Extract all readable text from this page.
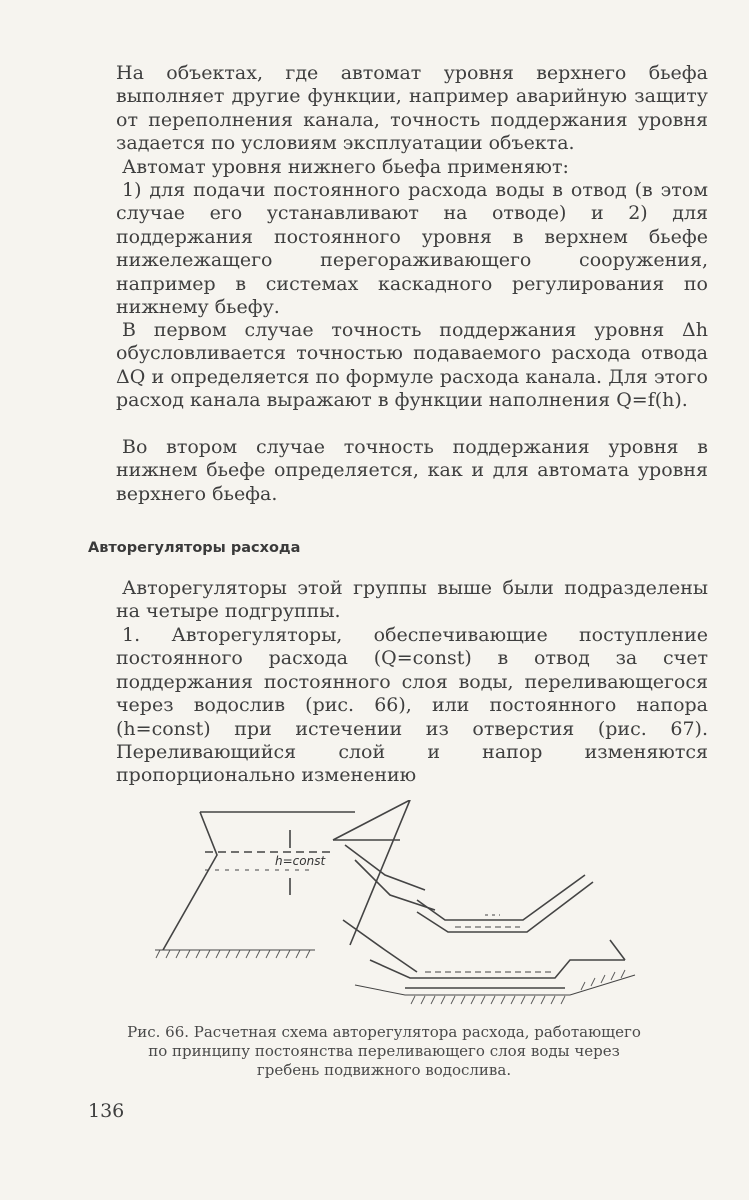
На объектах, где автомат уровня верхнего бьефа выполняет другие функции, например аварийную защиту от переполнения канала, точность поддержания уровня задается по условиям эксплуатации объекта.

Автомат уровня нижнего бьефа применяют:

1) для подачи постоянного расхода воды в отвод (в этом случае его устанавливают на отводе) и 2) для поддержания постоянного уровня в верхнем бьефе нижележащего перегораживающего сооружения, например в системах каскадного регулирования по нижнему бьефу.

В первом случае точность поддержания уровня Δh обусловливается точностью подаваемого расхода отвода ΔQ и определяется по формуле расхода канала. Для этого расход канала выражают в функции наполнения Q=f(h).

Во втором случае точность поддержания уровня в нижнем бьефе определяется, как и для автомата уровня верхнего бьефа.

Авторегуляторы расхода

Авторегуляторы этой группы выше были подразделены на четыре подгруппы.

1. Авторегуляторы, обеспечивающие поступление постоянного расхода (Q=const) в отвод за счет поддержания постоянного слоя воды, переливающегося через водослив (рис. 66), или постоянного напора (h=const) при истечении из отверстия (рис. 67). Переливающийся слой и напор изменяются пропорционально изменению

h=const

Рис. 66. Расчетная схема авторегулятора расхода, работающего по принципу постоянства переливающего слоя воды через гребень подвижного водослива.

136
